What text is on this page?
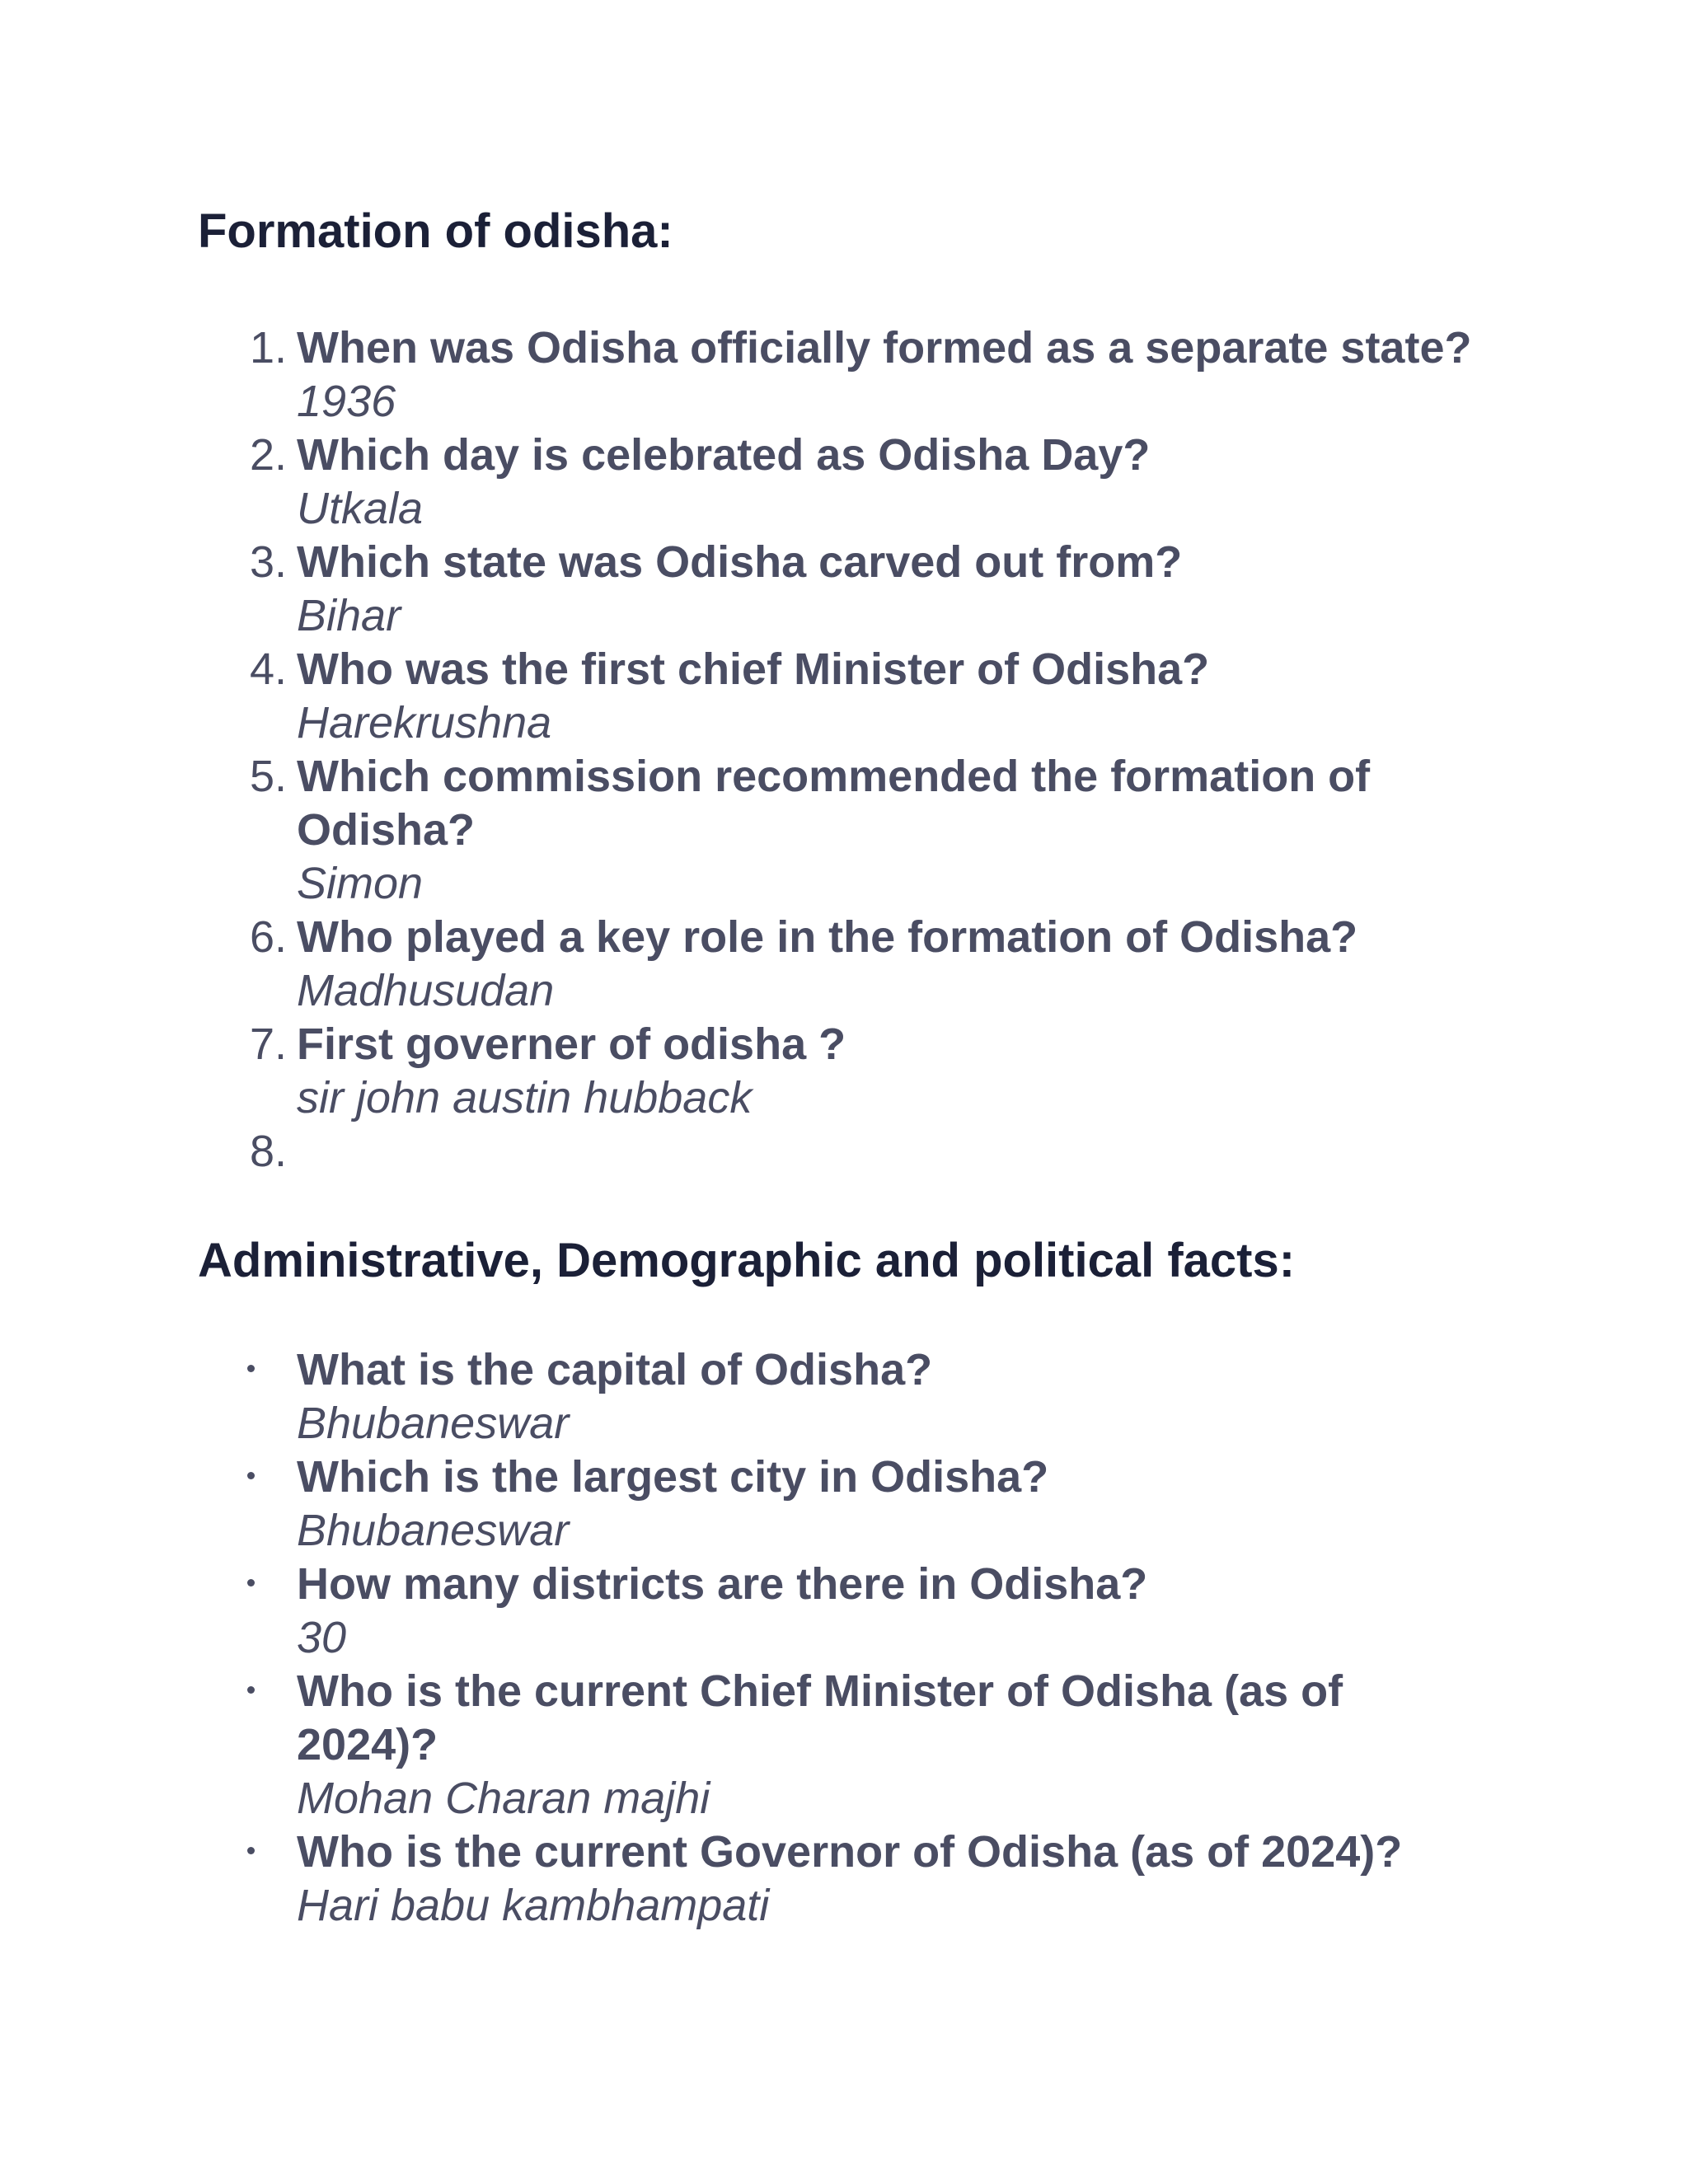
Formation of odisha:
1. When was Odisha officially formed as a separate state?
1936
2. Which day is celebrated as Odisha Day?
Utkala
3. Which state was Odisha carved out from?
Bihar
4. Who was the first chief Minister of Odisha?
Harekrushna
5. Which commission recommended the formation of Odisha?
Simon
6. Who played a key role in the formation of Odisha?
Madhusudan
7. First governer of odisha ?
sir john austin hubback
8.

Administrative, Demographic and political facts:
What is the capital of Odisha?
Bhubaneswar
Which is the largest city in Odisha?
Bhubaneswar
How many districts are there in Odisha?
30
Who is the current Chief Minister of Odisha (as of 2024)?
Mohan Charan majhi
Who is the current Governor of Odisha (as of 2024)?
Hari babu kambhampati
